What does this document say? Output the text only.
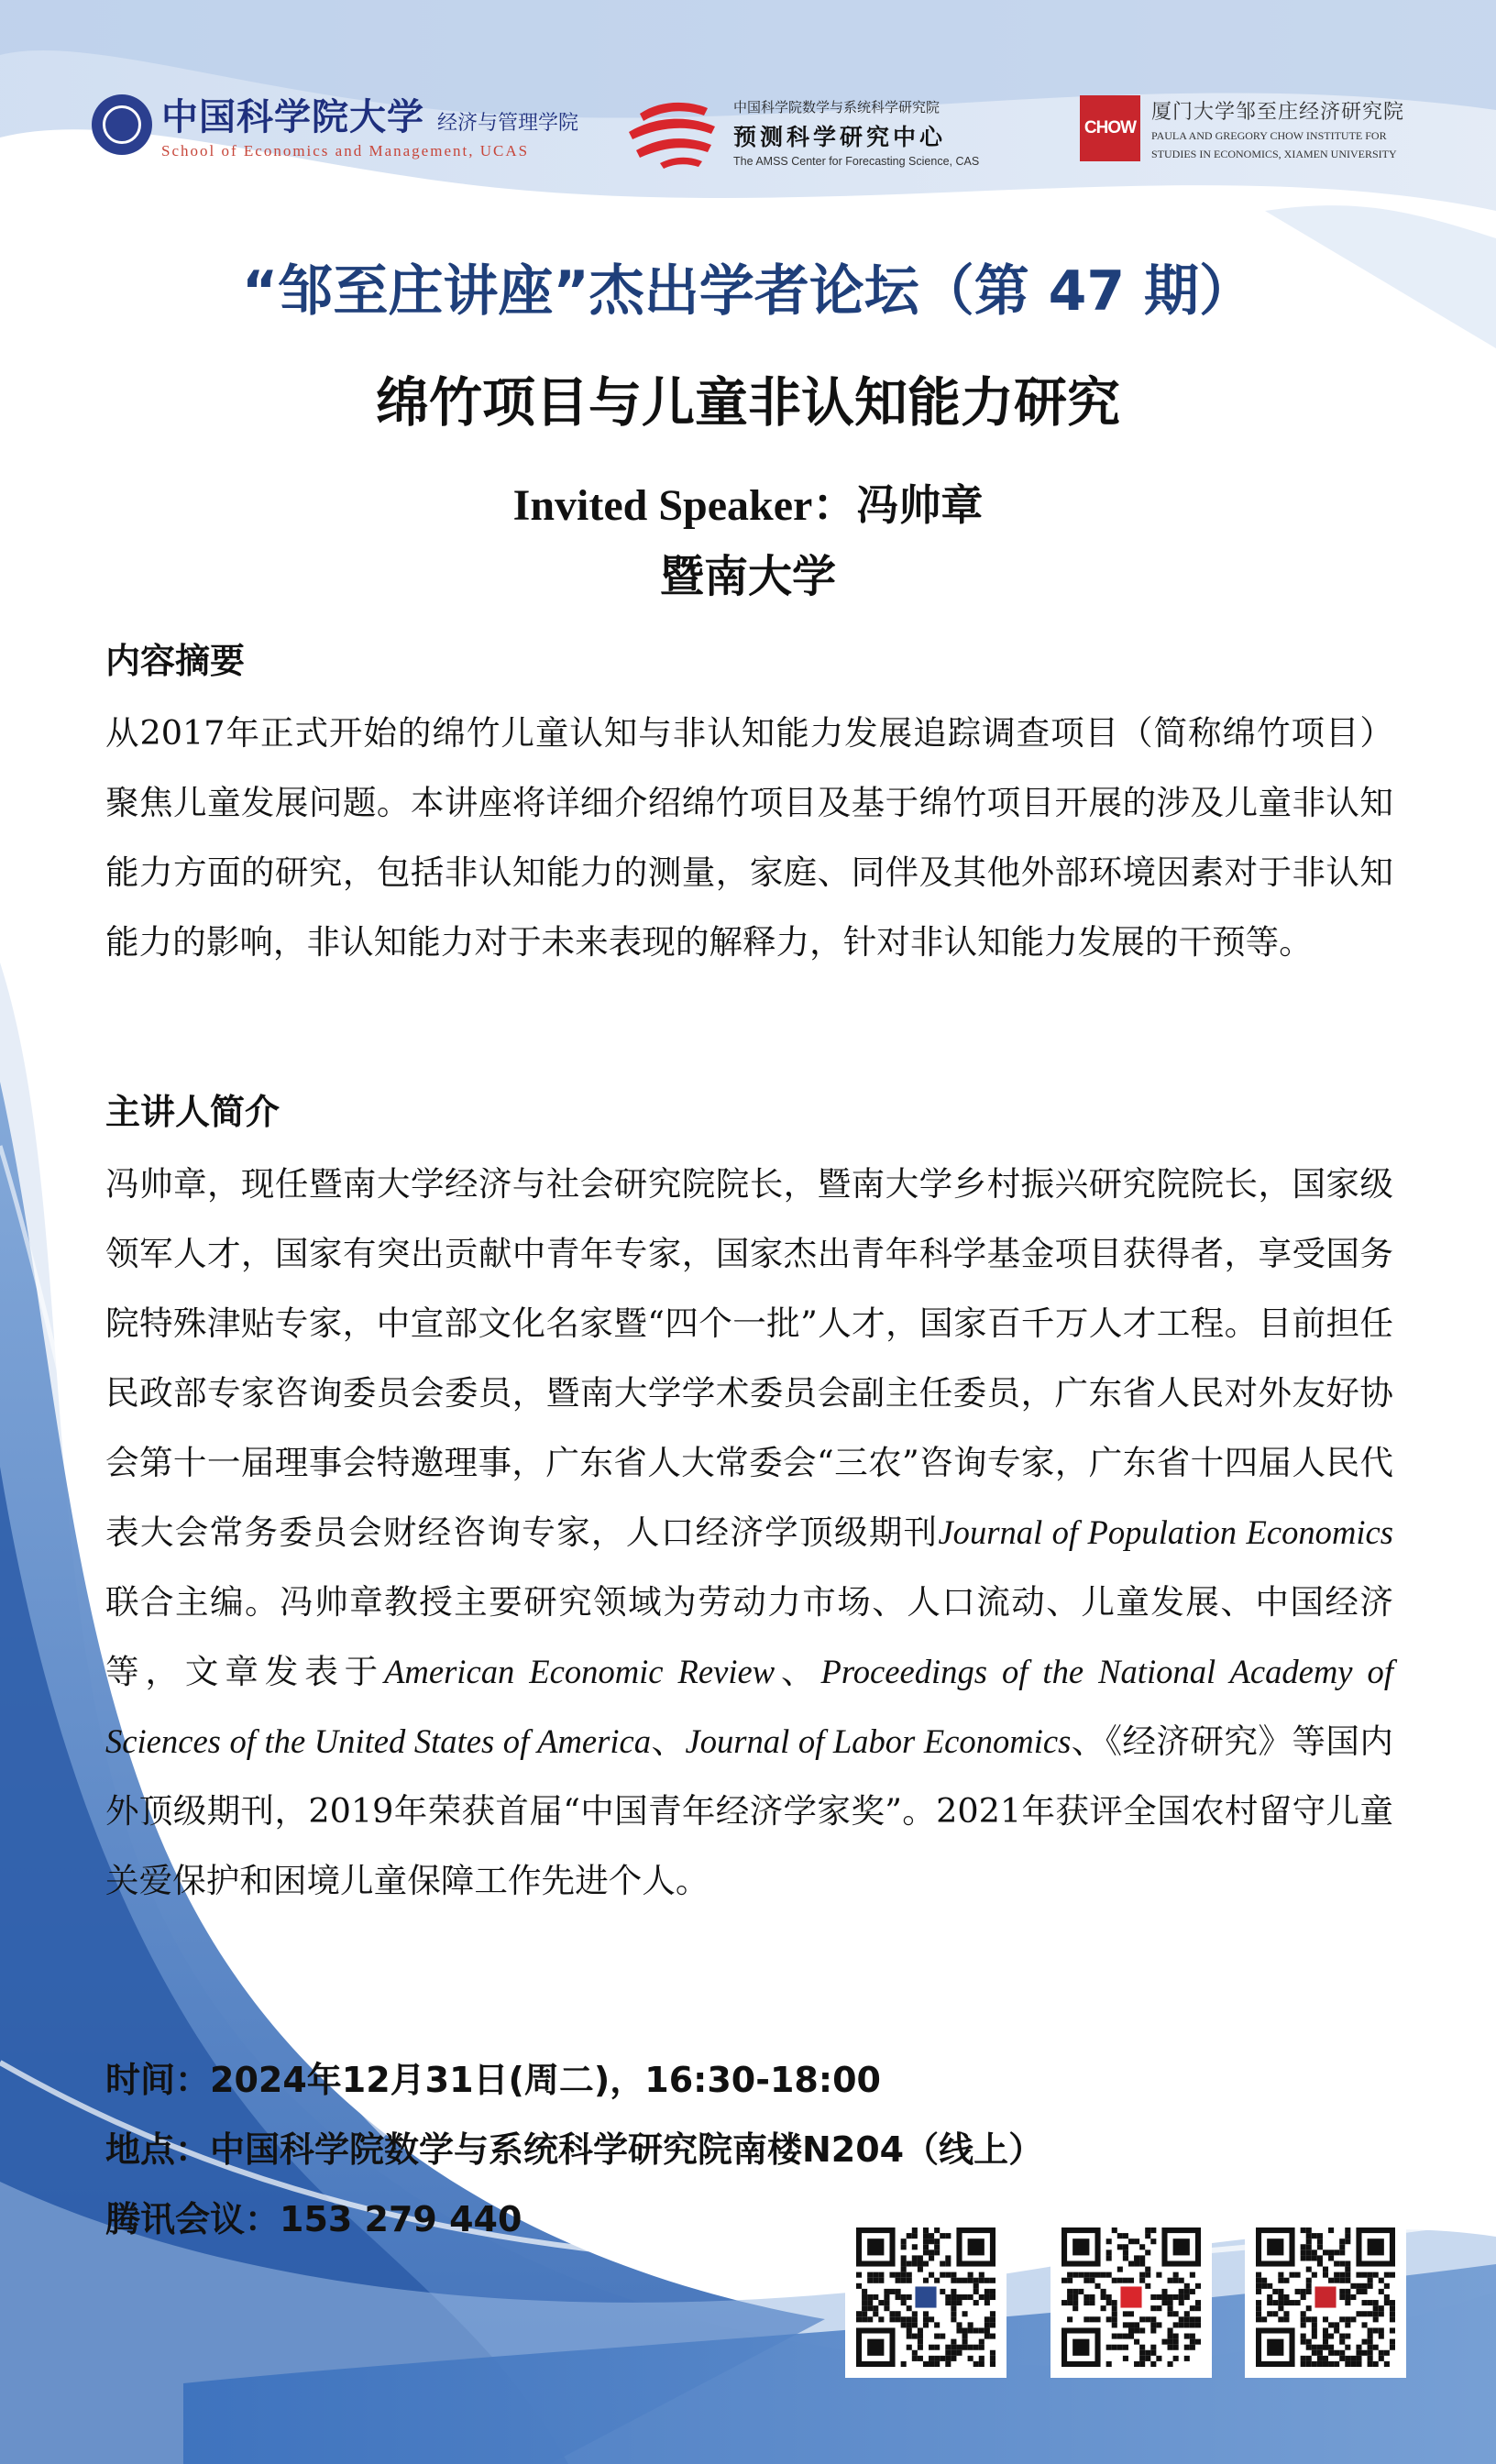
中国科学院大学 经济与管理学院
School of Economics and Management, UCAS
中国科学院数学与系统科学研究院
预测科学研究中心
The AMSS Center for Forecasting Science, CAS
CHOW
厦门大学邹至庄经济研究院
PAULA AND GREGORY CHOW INSTITUTE FOR
STUDIES IN ECONOMICS, XIAMEN UNIVERSITY
“邹至庄讲座”杰出学者论坛（第 47 期）
绵竹项目与儿童非认知能力研究
Invited Speaker：冯帅章
暨南大学
内容摘要
从2017年正式开始的绵竹儿童认知与非认知能力发展追踪调查项目（简称绵竹项目）聚焦儿童发展问题。本讲座将详细介绍绵竹项目及基于绵竹项目开展的涉及儿童非认知能力方面的研究，包括非认知能力的测量，家庭、同伴及其他外部环境因素对于非认知能力的影响，非认知能力对于未来表现的解释力，针对非认知能力发展的干预等。
主讲人简介
冯帅章，现任暨南大学经济与社会研究院院长，暨南大学乡村振兴研究院院长，国家级领军人才，国家有突出贡献中青年专家，国家杰出青年科学基金项目获得者，享受国务院特殊津贴专家，中宣部文化名家暨“四个一批”人才，国家百千万人才工程。目前担任民政部专家咨询委员会委员，暨南大学学术委员会副主任委员，广东省人民对外友好协会第十一届理事会特邀理事，广东省人大常委会“三农”咨询专家，广东省十四届人民代表大会常务委员会财经咨询专家，人口经济学顶级期刊Journal of Population Economics联合主编。冯帅章教授主要研究领域为劳动力市场、人口流动、儿童发展、中国经济等，文章发表于American Economic Review、Proceedings of the National Academy of Sciences of the United States of America、Journal of Labor Economics、《经济研究》等国内外顶级期刊，2019年荣获首届“中国青年经济学家奖”。2021年获评全国农村留守儿童关爱保护和困境儿童保障工作先进个人。
时间：2024年12月31日(周二)，16:30-18:00
地点：中国科学院数学与系统科学研究院南楼N204（线上）
腾讯会议：153 279 440
